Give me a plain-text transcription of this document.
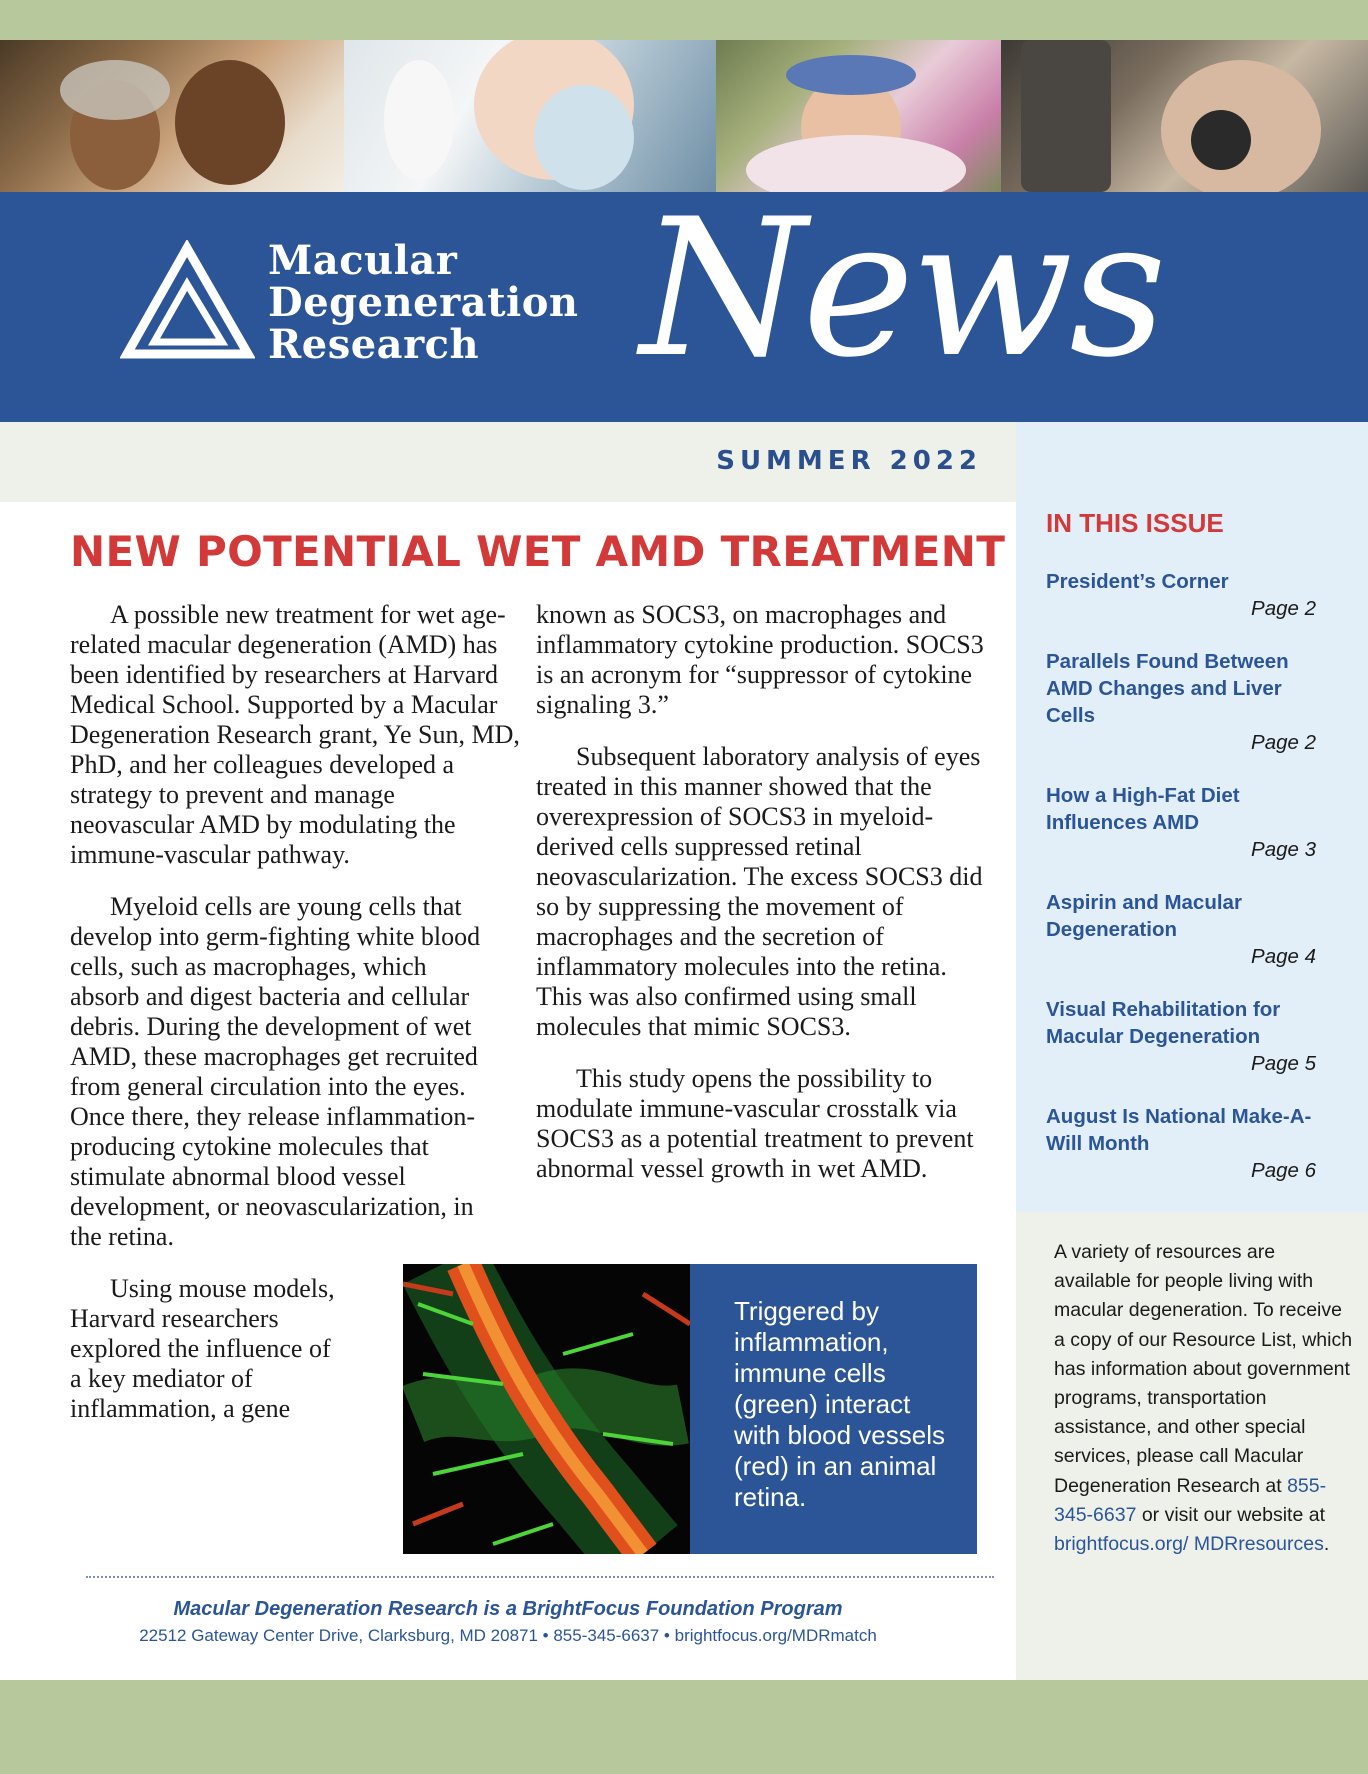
Macular
Degeneration
Research News
SUMMER 2022
IN THIS ISSUE
President’s Corner
Page 2
Parallels Found Between AMD Changes and Liver Cells
Page 2
How a High-Fat Diet Influences AMD
Page 3
Aspirin and Macular Degeneration
Page 4
Visual Rehabilitation for Macular Degeneration
Page 5
August Is National Make-A-Will Month
Page 6
A variety of resources are available for people living with macular degeneration. To receive a copy of our Resource List, which has information about government programs, transportation assistance, and other special services, please call Macular Degeneration Research at 855-345-6637 or visit our website at brightfocus.org/ MDRresources.
NEW POTENTIAL WET AMD TREATMENT

A possible new treatment for wet age-related macular degeneration (AMD) has been identified by researchers at Harvard Medical School. Supported by a Macular Degeneration Research grant, Ye Sun, MD, PhD, and her colleagues developed a strategy to prevent and manage neovascular AMD by modulating the immune-vascular pathway.

Myeloid cells are young cells that develop into germ-fighting white blood cells, such as macrophages, which absorb and digest bacteria and cellular debris. During the development of wet AMD, these macrophages get recruited from general circulation into the eyes. Once there, they release inflammation-producing cytokine molecules that stimulate abnormal blood vessel development, or neovascularization, in the retina.

Using mouse models, Harvard researchers explored the influence of a key mediator of inflammation, a gene

known as SOCS3, on macrophages and inflammatory cytokine production. SOCS3 is an acronym for “suppressor of cytokine signaling 3.”

Subsequent laboratory analysis of eyes treated in this manner showed that the overexpression of SOCS3 in myeloid-derived cells suppressed retinal neovascularization. The excess SOCS3 did so by suppressing the movement of macrophages and the secretion of inflammatory molecules into the retina. This was also confirmed using small molecules that mimic SOCS3.

This study opens the possibility to modulate immune-vascular crosstalk via SOCS3 as a potential treatment to prevent abnormal vessel growth in wet AMD.

Triggered by inflammation, immune cells (green) interact with blood vessels (red) in an animal retina.
Macular Degeneration Research is a BrightFocus Foundation Program
22512 Gateway Center Drive, Clarksburg, MD 20871 • 855-345-6637 • brightfocus.org/MDRmatch
